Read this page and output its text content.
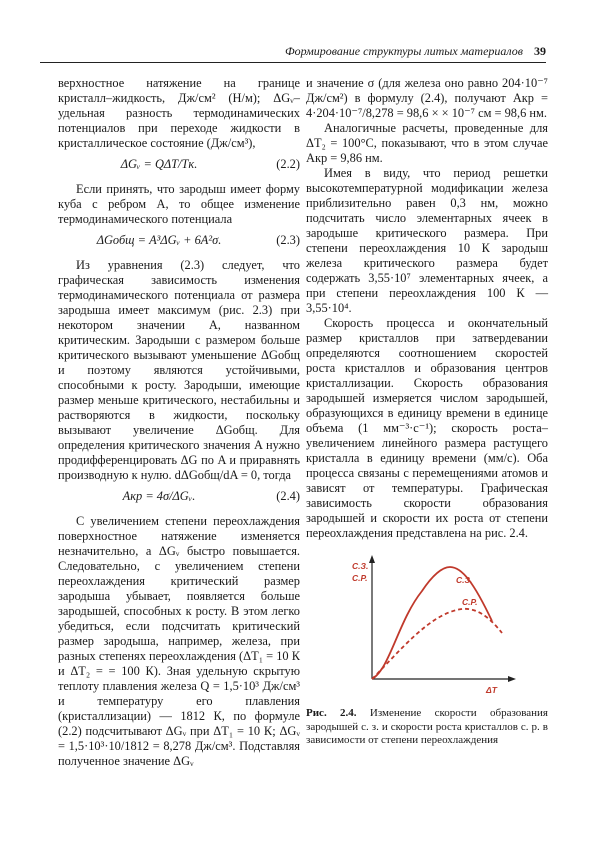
Формирование структуры литых материалов 39

верхностное натяжение на границе кристалл–жидкость, Дж/см² (Н/м); ΔGᵥ– удельная разность термодинамических потенциалов при переходе жидкости в кристаллическое состояние (Дж/см³),

ΔGᵥ = QΔT/Tк.	(2.2)

Если принять, что зародыш имеет форму куба с ребром A, то общее изменение термодинамического потенциала

ΔGобщ = A³ΔGᵥ + 6A²σ.	(2.3)

Из уравнения (2.3) следует, что графическая зависимость изменения термодинамического потенциала от размера зародыша имеет максимум (рис. 2.3) при некотором значении A, названном критическим. Зародыши с размером больше критического вызывают уменьшение ΔGобщ и поэтому являются устойчивыми, способными к росту. Зародыши, имеющие размер меньше критического, нестабильны и растворяются в жидкости, поскольку вызывают увеличение ΔGобщ. Для определения критического значения A нужно продифференцировать ΔG по A и приравнять производную к нулю. dΔGобщ/dA = 0, тогда

Aкр = 4σ/ΔGᵥ.	(2.4)

С увеличением степени переохлаждения поверхностное натяжение изменяется незначительно, а ΔGᵥ быстро повышается. Следовательно, с увеличением степени переохлаждения критический размер зародыша убывает, появляется больше зародышей, способных к росту. В этом легко убедиться, если подсчитать критический размер зародыша, например, железа, при разных степенях переохлаждения (ΔT₁ = 10 К и ΔT₂ = = 100 К). Зная удельную скрытую теплоту плавления железа Q = 1,5·10³ Дж/см³ и температуру его плавления (кристаллизации) — 1812 К, по формуле (2.2) подсчитывают ΔGᵥ при ΔT₁ = 10 К; ΔGᵥ = 1,5·10³·10/1812 = 8,278 Дж/см³. Подставляя полученное значение ΔGᵥ

и значение σ (для железа оно равно 204·10⁻⁷ Дж/см²) в формулу (2.4), получают Aкр = 4·204·10⁻⁷/8,278 = 98,6 × × 10⁻⁷ см = 98,6 нм.

Аналогичные расчеты, проведенные для ΔT₂ = 100°С, показывают, что в этом случае Aкр = 9,86 нм.

Имея в виду, что период решетки высокотемпературной модификации железа приблизительно равен 0,3 нм, можно подсчитать число элементарных ячеек в зародыше критического размера. При степени переохлаждения 10 К зародыш железа критического размера будет содержать 3,55·10⁷ элементарных ячеек, а при степени переохлаждения 100 К — 3,55·10⁴.

Скорость процесса и окончательный размер кристаллов при затвердевании определяются соотношением скоростей роста кристаллов и образования центров кристаллизации. Скорость образования зародышей измеряется числом зародышей, образующихся в единицу времени в единице объема (1 мм⁻³·с⁻¹); скорость роста–увеличением линейного размера растущего кристалла в единицу времени (мм/с). Оба процесса связаны с перемещениями атомов и зависят от температуры. Графическая зависимость скорости образования зародышей и скорости их роста от степени переохлаждения представлена на рис. 2.4.

С.З.
С.Р.	С.З.
С.Р.
ΔT

Рис. 2.4. Изменение скорости образования зародышей с. з. и скорости роста кристаллов с. р. в зависимости от степени переохлаждения
